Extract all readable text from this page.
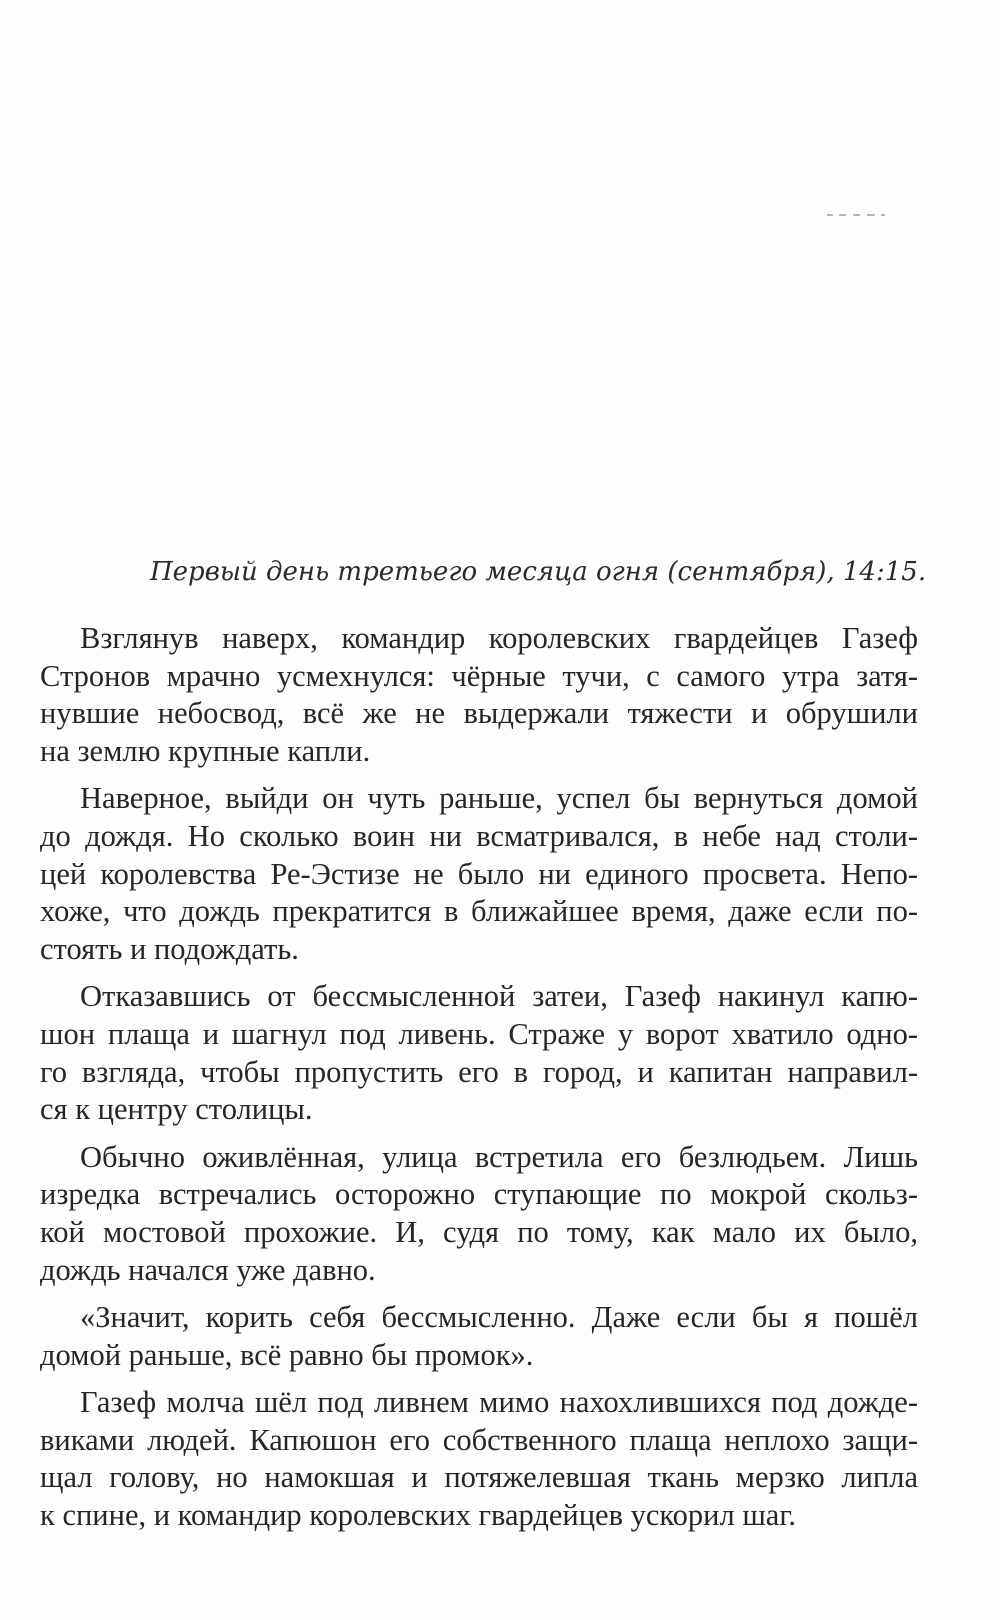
Первый день третьего месяца огня (сентября), 14:15.
Взглянув наверх, командир королевских гвардейцев Газеф
Стронов мрачно усмехнулся: чёрные тучи, с самого утра затя-
нувшие небосвод, всё же не выдержали тяжести и обрушили
на землю крупные капли.
Наверное, выйди он чуть раньше, успел бы вернуться домой
до дождя. Но сколько воин ни всматривался, в небе над столи-
цей королевства Ре-Эстизе не было ни единого просвета. Непо-
хоже, что дождь прекратится в ближайшее время, даже если по-
стоять и подождать.
Отказавшись от бессмысленной затеи, Газеф накинул капю-
шон плаща и шагнул под ливень. Страже у ворот хватило одно-
го взгляда, чтобы пропустить его в город, и капитан направил-
ся к центру столицы.
Обычно оживлённая, улица встретила его безлюдьем. Лишь
изредка встречались осторожно ступающие по мокрой скольз-
кой мостовой прохожие. И, судя по тому, как мало их было,
дождь начался уже давно.
«Значит, корить себя бессмысленно. Даже если бы я пошёл
домой раньше, всё равно бы промок».
Газеф молча шёл под ливнем мимо нахохлившихся под дожде-
виками людей. Капюшон его собственного плаща неплохо защи-
щал голову, но намокшая и потяжелевшая ткань мерзко липла
к спине, и командир королевских гвардейцев ускорил шаг.
